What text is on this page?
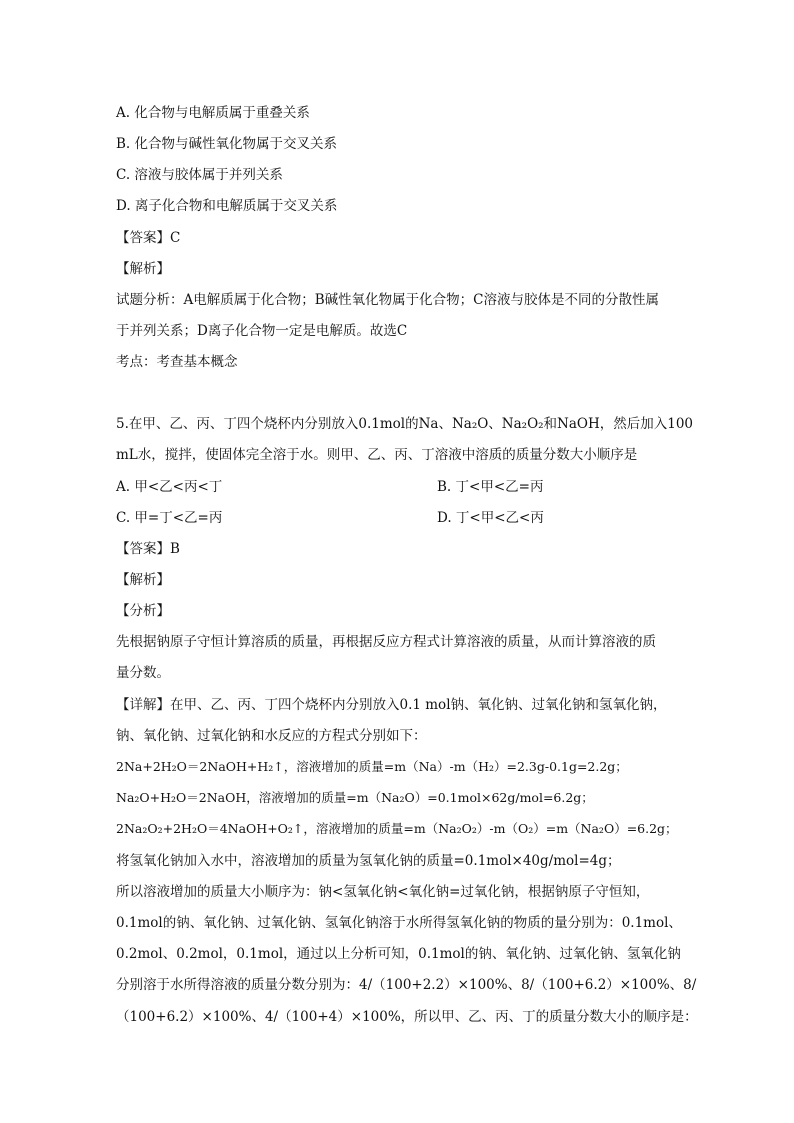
A. 化合物与电解质属于重叠关系
B. 化合物与碱性氧化物属于交叉关系
C. 溶液与胶体属于并列关系
D. 离子化合物和电解质属于交叉关系
【答案】C
【解析】
试题分析：A电解质属于化合物；B碱性氧化物属于化合物；C溶液与胶体是不同的分散性属
于并列关系；D离子化合物一定是电解质。故选C
考点：考查基本概念
5.在甲、乙、丙、丁四个烧杯内分别放入0.1mol的Na、Na₂O、Na₂O₂和NaOH，然后加入100
mL水，搅拌，使固体完全溶于水。则甲、乙、丙、丁溶液中溶质的质量分数大小顺序是
A. 甲<乙<丙<丁	B. 丁<甲<乙=丙
C. 甲=丁<乙=丙	D. 丁<甲<乙<丙
【答案】B
【解析】
【分析】
先根据钠原子守恒计算溶质的质量，再根据反应方程式计算溶液的质量，从而计算溶液的质
量分数。
【详解】在甲、乙、丙、丁四个烧杯内分别放入0.1 mol钠、氧化钠、过氧化钠和氢氧化钠，
钠、氧化钠、过氧化钠和水反应的方程式分别如下：
2Na+2H₂O＝2NaOH+H₂↑，溶液增加的质量=m（Na）-m（H₂）=2.3g-0.1g=2.2g；
Na₂O+H₂O＝2NaOH，溶液增加的质量=m（Na₂O）=0.1mol×62g/mol=6.2g；
2Na₂O₂+2H₂O＝4NaOH+O₂↑，溶液增加的质量=m（Na₂O₂）-m（O₂）=m（Na₂O）=6.2g；
将氢氧化钠加入水中，溶液增加的质量为氢氧化钠的质量=0.1mol×40g/mol=4g；
所以溶液增加的质量大小顺序为：钠<氢氧化钠<氧化钠=过氧化钠，根据钠原子守恒知，
0.1mol的钠、氧化钠、过氧化钠、氢氧化钠溶于水所得氢氧化钠的物质的量分别为：0.1mol、
0.2mol、0.2mol，0.1mol，通过以上分析可知，0.1mol的钠、氧化钠、过氧化钠、氢氧化钠
分别溶于水所得溶液的质量分数分别为：4/（100+2.2）×100%、8/（100+6.2）×100%、8/
（100+6.2）×100%、4/（100+4）×100%，所以甲、乙、丙、丁的质量分数大小的顺序是：
